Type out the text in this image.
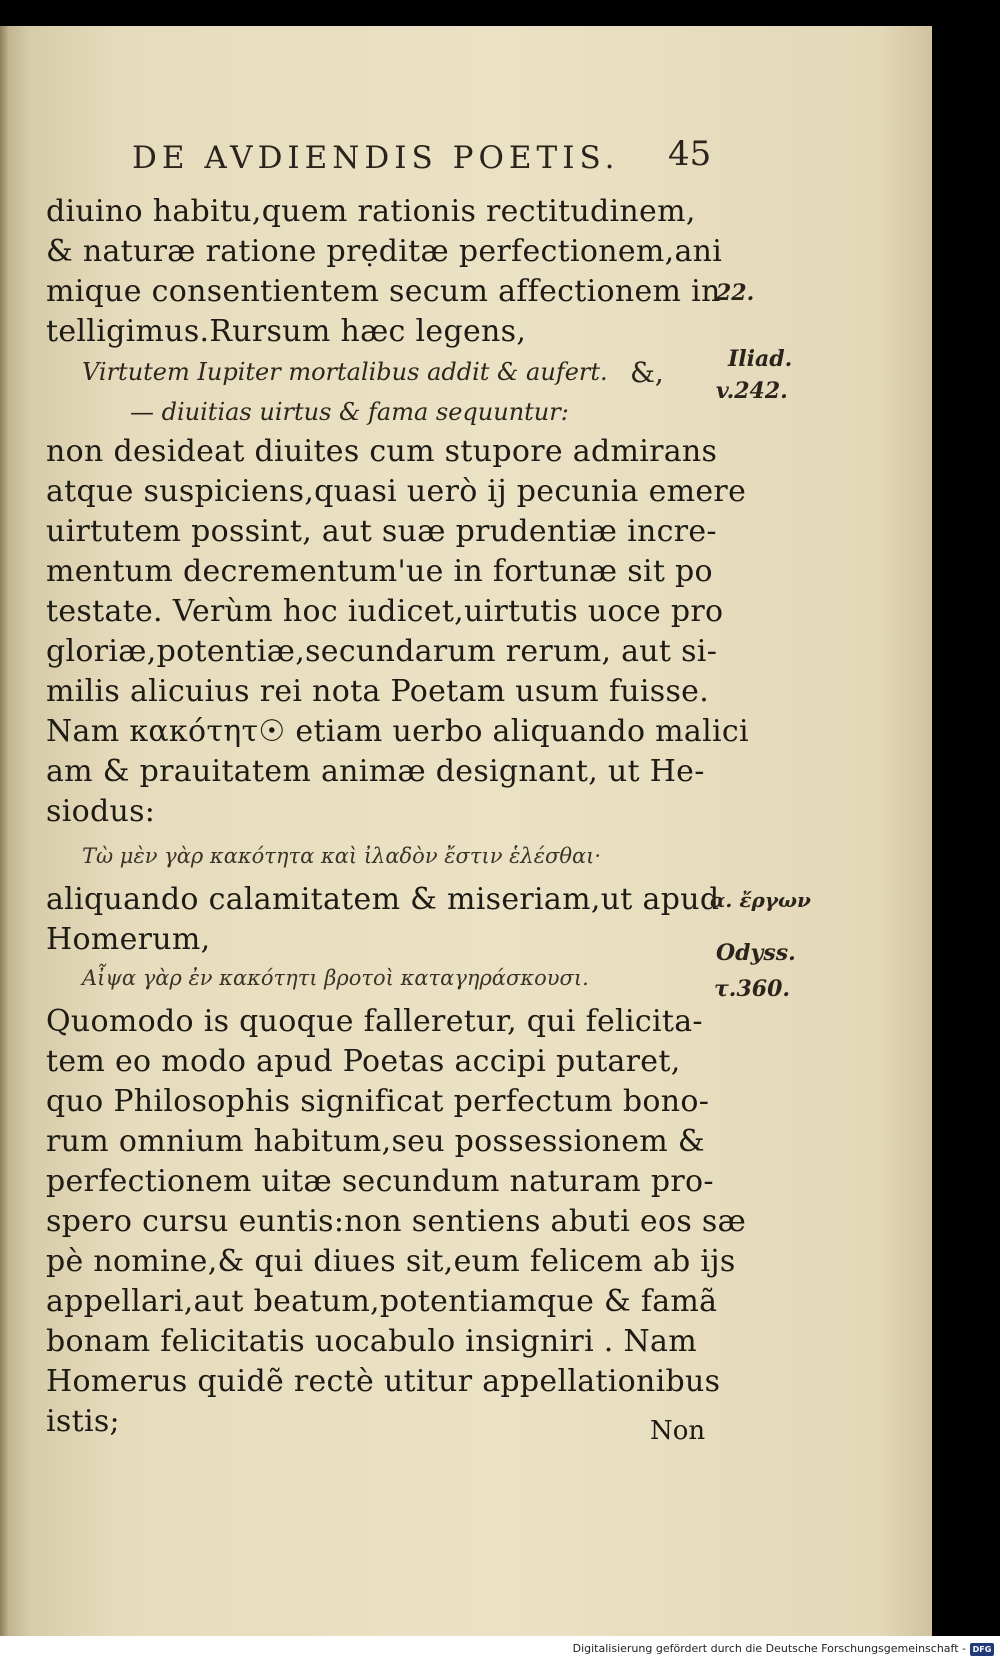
DE AVDIENDIS POETIS. 45
diuino habitu,quem rationis rectitudinem,
& naturæ ratione prẹditæ perfectionem,ani
mique consentientem secum affectionem in
telligimus.Rursum hæc legens,
Virtutem Iupiter mortalibus addit & aufert. &,
— diuitias uirtus & fama sequuntur:
non desideat diuites cum stupore admirans
atque suspiciens,quasi uerò ij pecunia emere
uirtutem possint, aut suæ prudentiæ incre-
mentum decrementum'ue in fortunæ sit po
testate. Verùm hoc iudicet,uirtutis uoce pro
gloriæ,potentiæ,secundarum rerum, aut si-
milis alicuius rei nota Poetam usum fuisse.
Nam κακότητ☉ etiam uerbo aliquando malici
am & prauitatem animæ designant, ut He-
siodus:
Τὼ μὲν γὰρ κακότητα καὶ ἰλαδὸν ἔστιν ἑλέσθαι·
aliquando calamitatem & miseriam,ut apud
Homerum,
Αἶψα γὰρ ἐν κακότητι βροτοὶ καταγηράσκουσι.
Quomodo is quoque falleretur, qui felicita-
tem eo modo apud Poetas accipi putaret,
quo Philosophis significat perfectum bono-
rum omnium habitum,seu possessionem &
perfectionem uitæ secundum naturam pro-
spero cursu euntis:non sentiens abuti eos sæ
pè nomine,& qui diues sit,eum felicem ab ijs
appellari,aut beatum,potentiamque & famã
bonam felicitatis uocabulo insigniri . Nam
Homerus quidẽ rectè utitur appellationibus
istis;	Non
22.
Iliad.
v.242.
α. ἔργων
Odyss.
τ.360.
Digitalisierung gefördert durch die Deutsche Forschungsgemeinschaft - DFG
